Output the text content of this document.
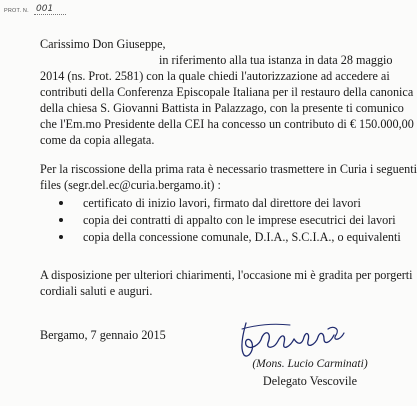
PROT. N. 001
Carissimo Don Giuseppe,
in riferimento alla tua istanza in data 28 maggio
2014 (ns. Prot. 2581) con la quale chiedi l'autorizzazione ad accedere ai
contributi della Conferenza Episcopale Italiana per il restauro della canonica
della chiesa S. Giovanni Battista in Palazzago, con la presente ti comunico
che l'Em.mo Presidente della CEI ha concesso un contributo di € 150.000,00
come da copia allegata.
Per la riscossione della prima rata è necessario trasmettere in Curia i seguenti
files (segr.del.ec@curia.bergamo.it) :
certificato di inizio lavori, firmato dal direttore dei lavori
copia dei contratti di appalto con le imprese esecutrici dei lavori
copia della concessione comunale, D.I.A., S.C.I.A., o equivalenti
A disposizione per ulteriori chiarimenti, l'occasione mi è gradita per porgerti
cordiali saluti e auguri.
Bergamo, 7 gennaio 2015
(Mons. Lucio Carminati)
Delegato Vescovile
